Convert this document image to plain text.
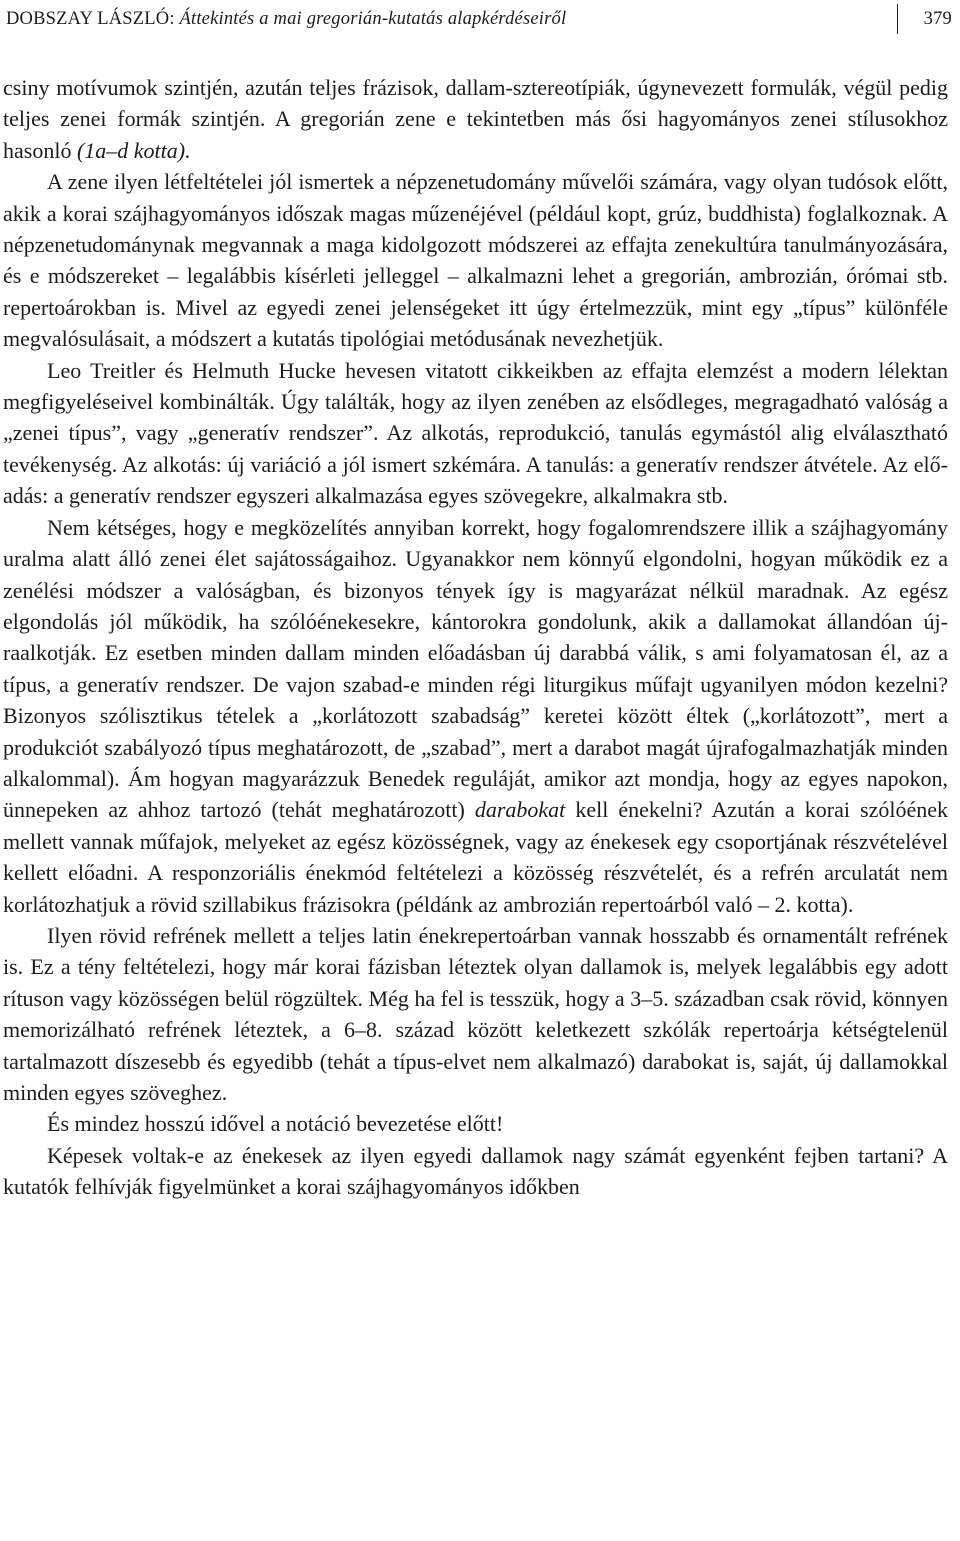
DOBSZAY LÁSZLÓ: Áttekintés a mai gregorián-kutatás alapkérdéseiről	379

csiny motívumok szintjén, azután teljes frázisok, dallam-sztereotípiák, úgynevezett formulák, végül pedig teljes zenei formák szintjén. A gregorián zene e tekintetben más ősi hagyományos zenei stílusokhoz hasonló (1a–d kotta).

A zene ilyen létfeltételei jól ismertek a népzenetudomány művelői számára, vagy olyan tudósok előtt, akik a korai szájhagyományos időszak magas műzenéjével (például kopt, grúz, buddhista) foglalkoznak. A népzenetudománynak megvannak a maga kidolgozott módszerei az effajta zenekultúra tanulmányozására, és e módszereket – legalábbis kísérleti jelleggel – alkalmazni lehet a gregorián, ambrozián, órómai stb. repertoárokban is. Mivel az egyedi zenei jelenségeket itt úgy értelmezzük, mint egy „típus” különféle megvalósulásait, a módszert a kutatás tipológiai metódusának nevezhetjük.

Leo Treitler és Helmuth Hucke hevesen vitatott cikkeikben az effajta elemzést a modern lélektan megfigyeléseivel kombinálták. Úgy találták, hogy az ilyen zenében az elsődleges, megragadható valóság a „zenei típus”, vagy „generatív rendszer”. Az alkotás, reprodukció, tanulás egymástól alig elválasztható tevékenység. Az alkotás: új variáció a jól ismert szkémára. A tanulás: a generatív rendszer átvétele. Az előadás: a generatív rendszer egyszeri alkalmazása egyes szövegekre, alkalmakra stb.

Nem kétséges, hogy e megközelítés annyiban korrekt, hogy fogalomrendszere illik a szájhagyomány uralma alatt álló zenei élet sajátosságaihoz. Ugyanakkor nem könnyű elgondolni, hogyan működik ez a zenélési módszer a valóságban, és bizonyos tények így is magyarázat nélkül maradnak. Az egész elgondolás jól működik, ha szólóénekesekre, kántorokra gondolunk, akik a dallamokat állandóan újraalkotják. Ez esetben minden dallam minden előadásban új darabbá válik, s ami folyamatosan él, az a típus, a generatív rendszer. De vajon szabad-e minden régi liturgikus műfajt ugyanilyen módon kezelni? Bizonyos szólisztikus tételek a „korlátozott szabadság” keretei között éltek („korlátozott”, mert a produkciót szabályozó típus meghatározott, de „szabad”, mert a darabot magát újrafogalmazhatják minden alkalommal). Ám hogyan magyarázzuk Benedek reguláját, amikor azt mondja, hogy az egyes napokon, ünnepeken az ahhoz tartozó (tehát meghatározott) darabokat kell énekelni? Azután a korai szólóének mellett vannak műfajok, melyeket az egész közösségnek, vagy az énekesek egy csoportjának részvételével kellett előadni. A responzoriális énekmód feltételezi a közösség részvételét, és a refrén arculatát nem korlátozhatjuk a rövid szillabikus frázisokra (példánk az ambrozián repertoárból való – 2. kotta).

Ilyen rövid refrének mellett a teljes latin énekrepertoárban vannak hosszabb és ornamentált refrének is. Ez a tény feltételezi, hogy már korai fázisban léteztek olyan dallamok is, melyek legalábbis egy adott rítuson vagy közösségen belül rögzültek. Még ha fel is tesszük, hogy a 3–5. században csak rövid, könnyen memorizálható refrének léteztek, a 6–8. század között keletkezett szkólák repertoárja kétségtelenül tartalmazott díszesebb és egyedibb (tehát a típus-elvet nem alkalmazó) darabokat is, saját, új dallamokkal minden egyes szöveghez.

És mindez hosszú idővel a notáció bevezetése előtt!

Képesek voltak-e az énekesek az ilyen egyedi dallamok nagy számát egyenként fejben tartani? A kutatók felhívják figyelmünket a korai szájhagyományos időkben
